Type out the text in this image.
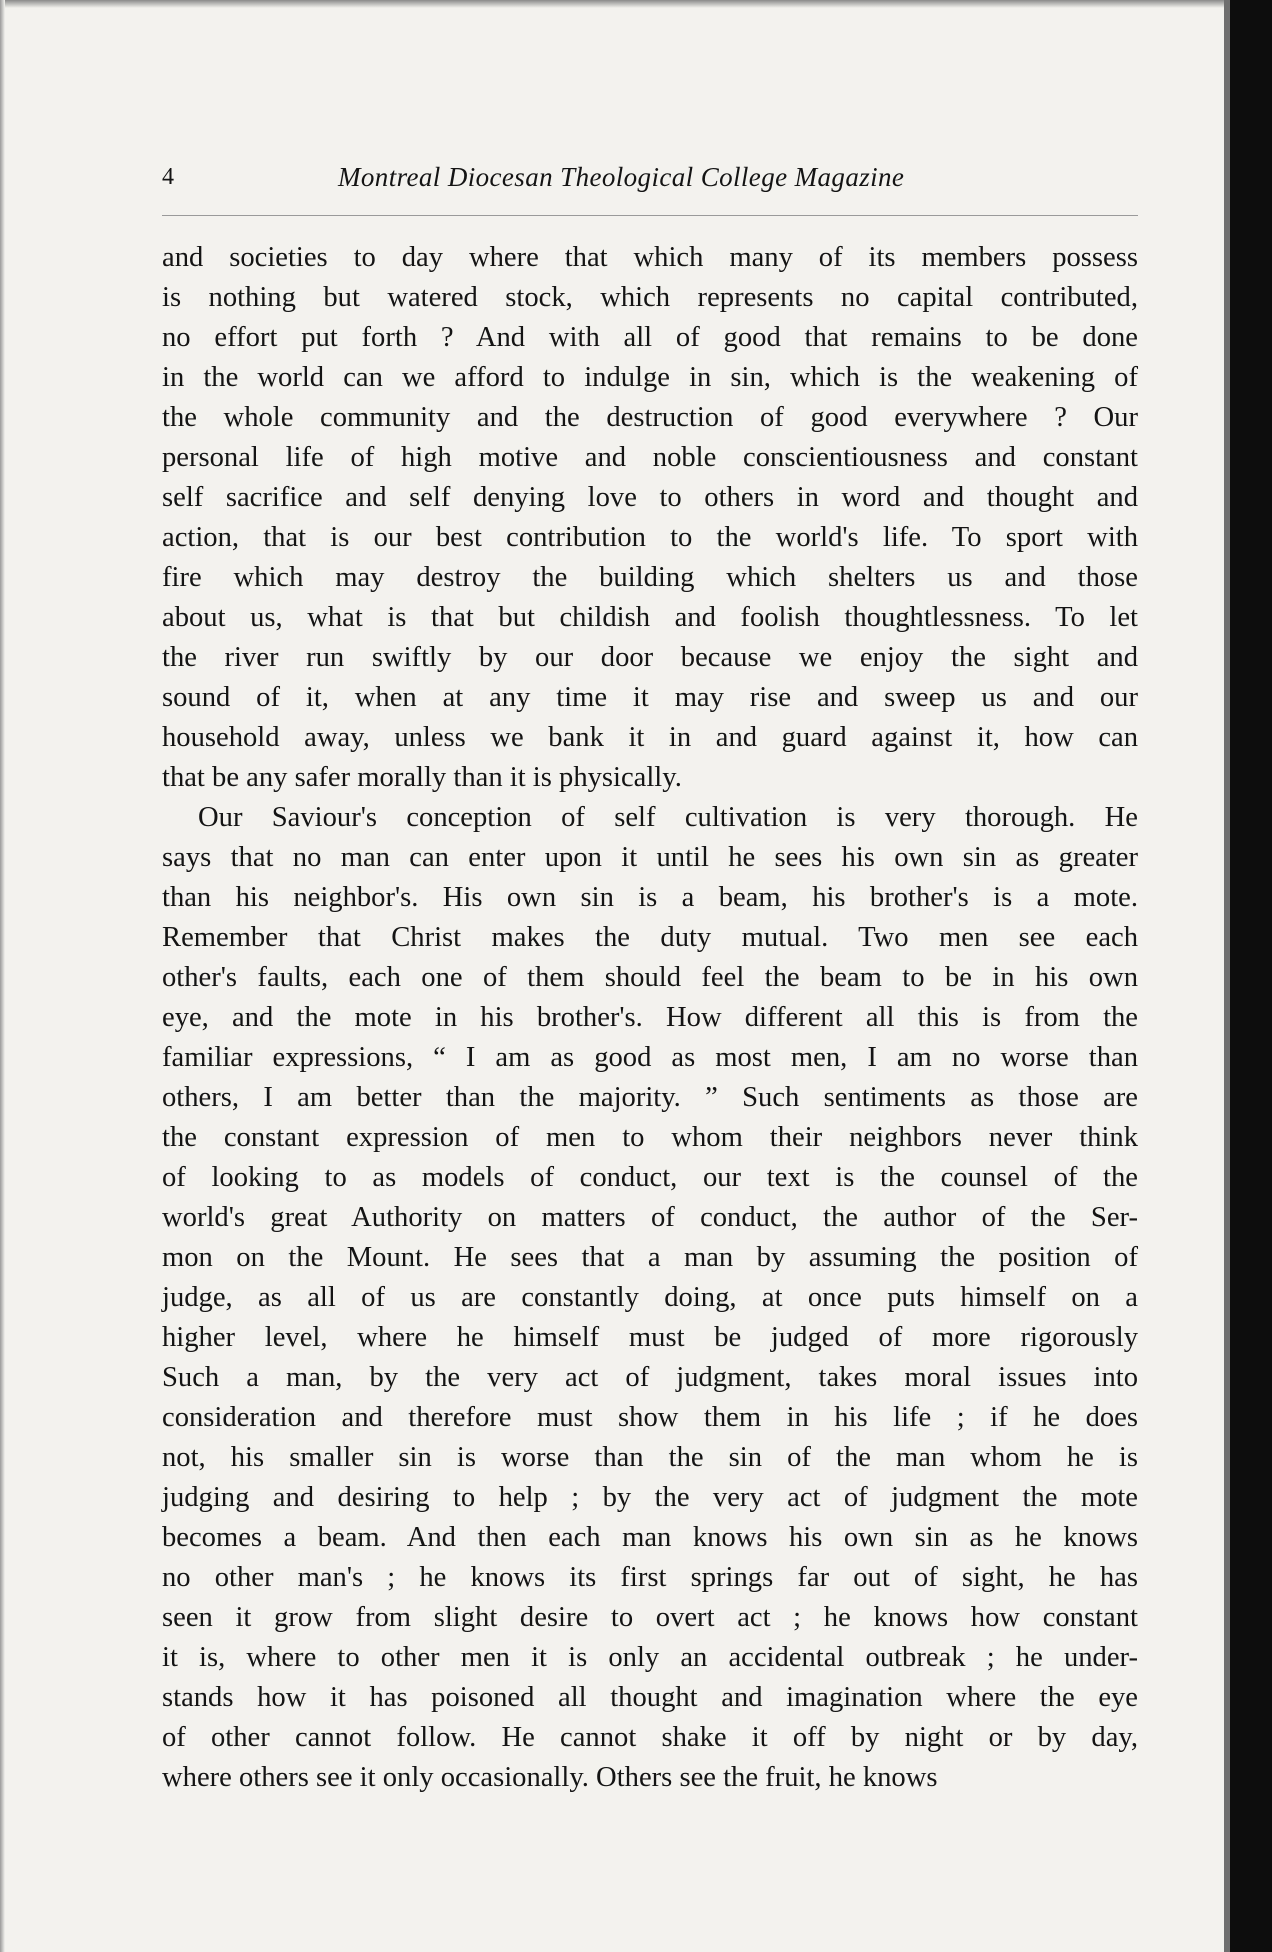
4	Montreal Diocesan Theological College Magazine
and societies to day where that which many of its members possess
is nothing but watered stock, which represents no capital contributed,
no effort put forth ? And with all of good that remains to be done
in the world can we afford to indulge in sin, which is the weakening of
the whole community and the destruction of good everywhere ? Our
personal life of high motive and noble conscientiousness and constant
self sacrifice and self denying love to others in word and thought and
action, that is our best contribution to the world's life. To sport with
fire which may destroy the building which shelters us and those
about us, what is that but childish and foolish thoughtlessness. To let
the river run swiftly by our door because we enjoy the sight and
sound of it, when at any time it may rise and sweep us and our
household away, unless we bank it in and guard against it, how can
that be any safer morally than it is physically.
Our Saviour's conception of self cultivation is very thorough. He
says that no man can enter upon it until he sees his own sin as greater
than his neighbor's. His own sin is a beam, his brother's is a mote.
Remember that Christ makes the duty mutual. Two men see each
other's faults, each one of them should feel the beam to be in his own
eye, and the mote in his brother's. How different all this is from the
familiar expressions, “ I am as good as most men, I am no worse than
others, I am better than the majority. ” Such sentiments as those are
the constant expression of men to whom their neighbors never think
of looking to as models of conduct, our text is the counsel of the
world's great Authority on matters of conduct, the author of the Ser-
mon on the Mount. He sees that a man by assuming the position of
judge, as all of us are constantly doing, at once puts himself on a
higher level, where he himself must be judged of more rigorously
Such a man, by the very act of judgment, takes moral issues into
consideration and therefore must show them in his life ; if he does
not, his smaller sin is worse than the sin of the man whom he is
judging and desiring to help ; by the very act of judgment the mote
becomes a beam. And then each man knows his own sin as he knows
no other man's ; he knows its first springs far out of sight, he has
seen it grow from slight desire to overt act ; he knows how constant
it is, where to other men it is only an accidental outbreak ; he under-
stands how it has poisoned all thought and imagination where the eye
of other cannot follow. He cannot shake it off by night or by day,
where others see it only occasionally. Others see the fruit, he knows
